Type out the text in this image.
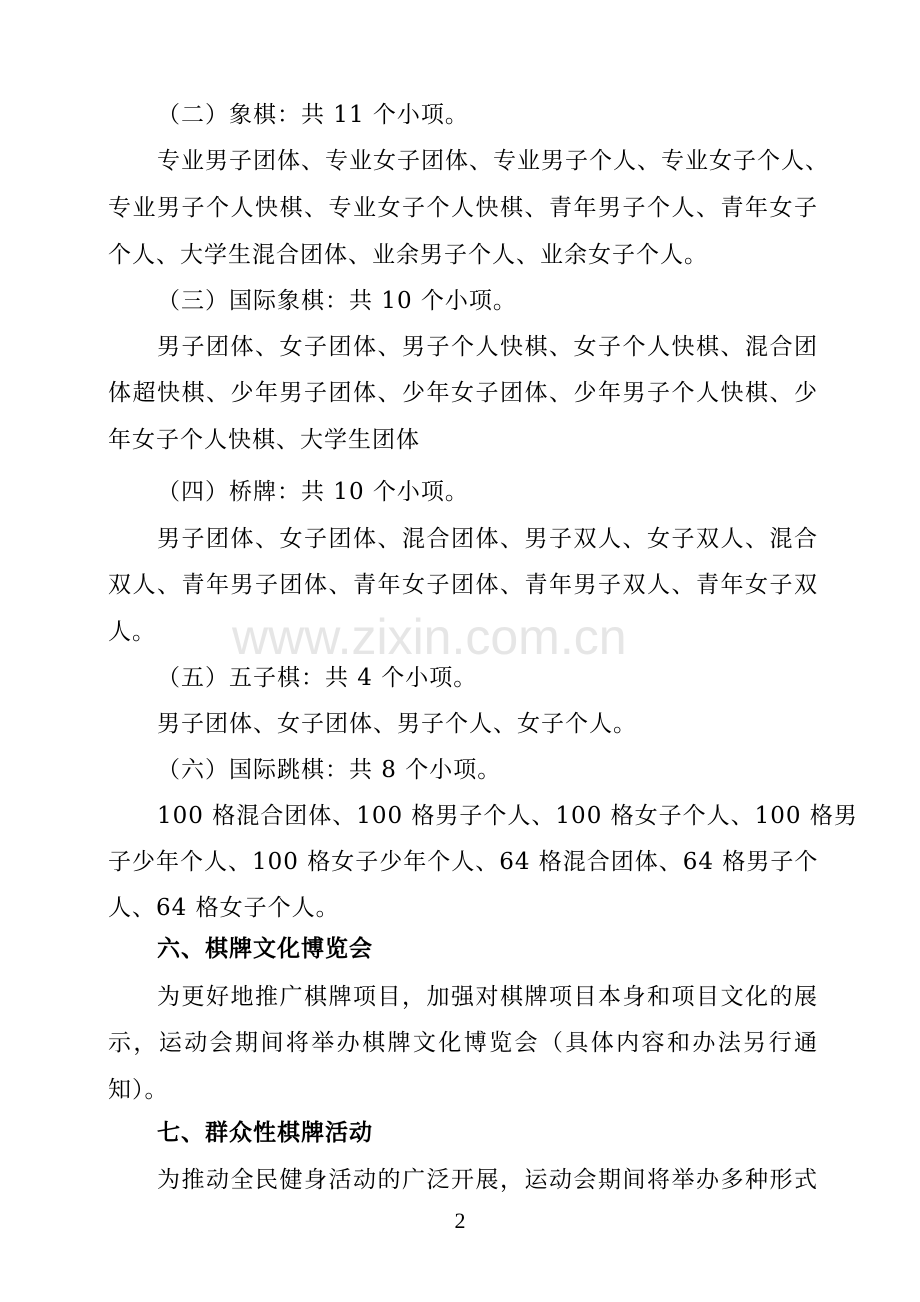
www.zixin.com.cn
（二）象棋：共 11 个小项。
专业男子团体、专业女子团体、专业男子个人、专业女子个人、
专业男子个人快棋、专业女子个人快棋、青年男子个人、青年女子
个人、大学生混合团体、业余男子个人、业余女子个人。
（三）国际象棋：共 10 个小项。
男子团体、女子团体、男子个人快棋、女子个人快棋、混合团
体超快棋、少年男子团体、少年女子团体、少年男子个人快棋、少
年女子个人快棋、大学生团体
（四）桥牌：共 10 个小项。
男子团体、女子团体、混合团体、男子双人、女子双人、混合
双人、青年男子团体、青年女子团体、青年男子双人、青年女子双
人。
（五）五子棋：共 4 个小项。
男子团体、女子团体、男子个人、女子个人。
（六）国际跳棋：共 8 个小项。
100 格混合团体、100 格男子个人、100 格女子个人、100 格男
子少年个人、100 格女子少年个人、64 格混合团体、64 格男子个
人、64 格女子个人。
六、棋牌文化博览会
为更好地推广棋牌项目，加强对棋牌项目本身和项目文化的展
示，运动会期间将举办棋牌文化博览会（具体内容和办法另行通
知）。
七、群众性棋牌活动
为推动全民健身活动的广泛开展，运动会期间将举办多种形式
2
